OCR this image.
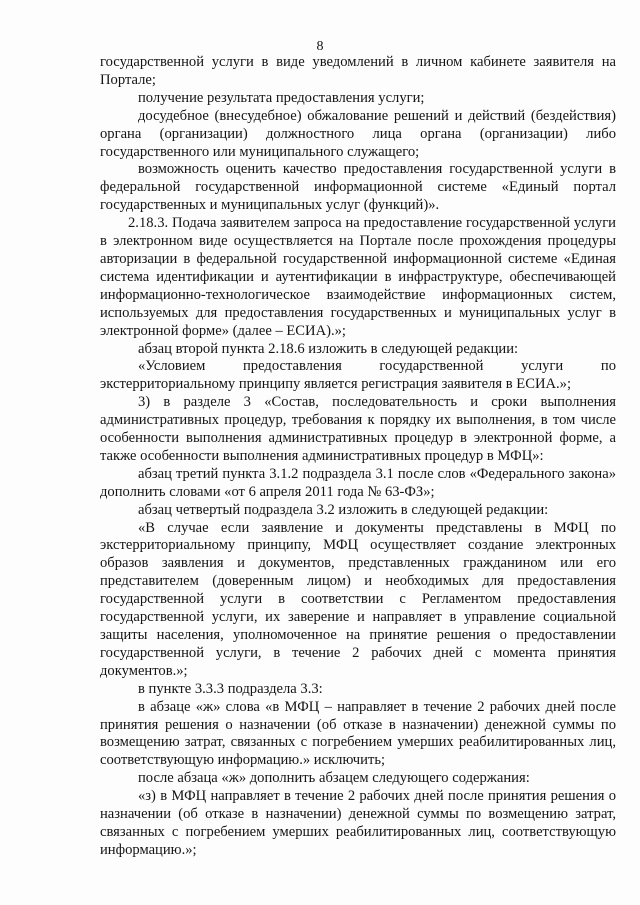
8

государственной услуги в виде уведомлений в личном кабинете заявителя на Портале;

получение результата предоставления услуги;

досудебное (внесудебное) обжалование решений и действий (бездействия) органа (организации) должностного лица органа (организации) либо государственного или муниципального служащего;

возможность оценить качество предоставления государственной услуги в федеральной государственной информационной системе «Единый портал государственных и муниципальных услуг (функций)».

2.18.3. Подача заявителем запроса на предоставление государственной услуги в электронном виде осуществляется на Портале после прохождения процедуры авторизации в федеральной государственной информационной системе «Единая система идентификации и аутентификации в инфраструктуре, обеспечивающей информационно-технологическое взаимодействие информационных систем, используемых для предоставления государственных и муниципальных услуг в электронной форме» (далее – ЕСИА).»;

абзац второй пункта 2.18.6 изложить в следующей редакции:

«Условием предоставления государственной услуги по экстерриториальному принципу является регистрация заявителя в ЕСИА.»;

3) в разделе 3 «Состав, последовательность и сроки выполнения административных процедур, требования к порядку их выполнения, в том числе особенности выполнения административных процедур в электронной форме, а также особенности выполнения административных процедур в МФЦ»:

абзац третий пункта 3.1.2 подраздела 3.1 после слов «Федерального закона» дополнить словами «от 6 апреля 2011 года № 63-ФЗ»;

абзац четвертый подраздела 3.2 изложить в следующей редакции:

«В случае если заявление и документы представлены в МФЦ по экстерриториальному принципу, МФЦ осуществляет создание электронных образов заявления и документов, представленных гражданином или его представителем (доверенным лицом) и необходимых для предоставления государственной услуги в соответствии с Регламентом предоставления государственной услуги, их заверение и направляет в управление социальной защиты населения, уполномоченное на принятие решения о предоставлении государственной услуги, в течение 2 рабочих дней с момента принятия документов.»;

в пункте 3.3.3 подраздела 3.3:

в абзаце «ж» слова «в МФЦ – направляет в течение 2 рабочих дней после принятия решения о назначении (об отказе в назначении) денежной суммы по возмещению затрат, связанных с погребением умерших реабилитированных лиц, соответствующую информацию.» исключить;

после абзаца «ж» дополнить абзацем следующего содержания:

«з) в МФЦ направляет в течение 2 рабочих дней после принятия решения о назначении (об отказе в назначении) денежной суммы по возмещению затрат, связанных с погребением умерших реабилитированных лиц, соответствующую информацию.»;
